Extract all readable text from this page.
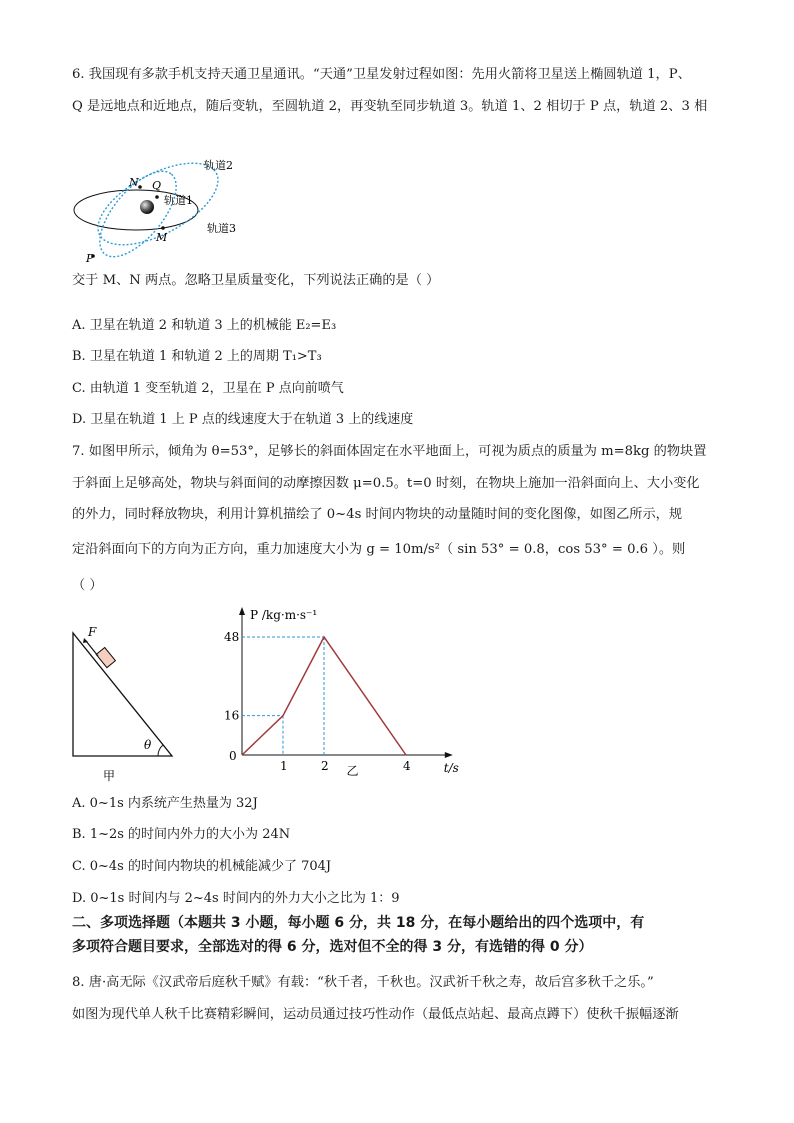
6. 我国现有多款手机支持天通卫星通讯。“天通”卫星发射过程如图：先用火箭将卫星送上椭圆轨道 1，P、
Q 是远地点和近地点，随后变轨，至圆轨道 2，再变轨至同步轨道 3。轨道 1、2 相切于 P 点，轨道 2、3 相
N Q
M
P
轨道2
轨道1
轨道3
交于 M、N 两点。忽略卫星质量变化，下列说法正确的是（ ）
A. 卫星在轨道 2 和轨道 3 上的机械能 E₂=E₃
B. 卫星在轨道 1 和轨道 2 上的周期 T₁>T₃
C. 由轨道 1 变至轨道 2，卫星在 P 点向前喷气
D. 卫星在轨道 1 上 P 点的线速度大于在轨道 3 上的线速度
7. 如图甲所示，倾角为 θ=53°，足够长的斜面体固定在水平地面上，可视为质点的质量为 m=8kg 的物块置
于斜面上足够高处，物块与斜面间的动摩擦因数 μ=0.5。t=0 时刻，在物块上施加一沿斜面向上、大小变化
的外力，同时释放物块，利用计算机描绘了 0~4s 时间内物块的动量随时间的变化图像，如图乙所示，规
定沿斜面向下的方向为正方向，重力加速度大小为 g = 10m/s²（ sin 53° = 0.8，cos 53° = 0.6 ）。则
（ ）
F
θ
甲
0
16
48
1	2	4
P /kg·m·s⁻¹
t/s
乙
A. 0~1s 内系统产生热量为 32J
B. 1~2s 的时间内外力的大小为 24N
C. 0~4s 的时间内物块的机械能减少了 704J
D. 0~1s 时间内与 2~4s 时间内的外力大小之比为 1：9
二、多项选择题（本题共 3 小题，每小题 6 分，共 18 分，在每小题给出的四个选项中，有
多项符合题目要求，全部选对的得 6 分，选对但不全的得 3 分，有选错的得 0 分）
8. 唐·高无际《汉武帝后庭秋千赋》有载：“秋千者，千秋也。汉武祈千秋之寿，故后宫多秋千之乐。”
如图为现代单人秋千比赛精彩瞬间，运动员通过技巧性动作（最低点站起、最高点蹲下）使秋千振幅逐渐
